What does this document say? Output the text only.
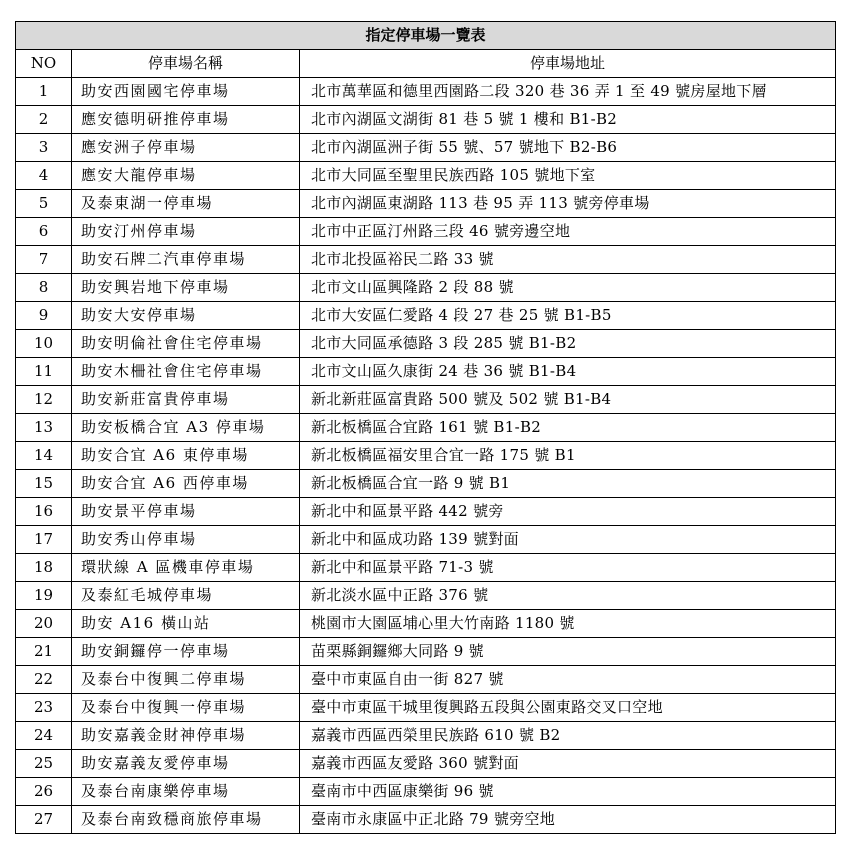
指定停車場一覽表		
NO	停車場名稱	停車場地址
1	助安西園國宅停車場	北市萬華區和德里西園路二段 320 巷 36 弄 1 至 49 號房屋地下層
2	應安德明研推停車場	北市內湖區文湖街 81 巷 5 號 1 樓和 B1-B2
3	應安洲子停車場	北市內湖區洲子街 55 號、57 號地下 B2-B6
4	應安大龍停車場	北市大同區至聖里民族西路 105 號地下室
5	及泰東湖一停車場	北市內湖區東湖路 113 巷 95 弄 113 號旁停車場
6	助安汀州停車場	北市中正區汀州路三段 46 號旁邊空地
7	助安石牌二汽車停車場	北市北投區裕民二路 33 號
8	助安興岩地下停車場	北市文山區興隆路 2 段 88 號
9	助安大安停車場	北市大安區仁愛路 4 段 27 巷 25 號 B1-B5
10	助安明倫社會住宅停車場	北市大同區承德路 3 段 285 號 B1-B2
11	助安木柵社會住宅停車場	北市文山區久康街 24 巷 36 號 B1-B4
12	助安新莊富貴停車場	新北新莊區富貴路 500 號及 502 號 B1-B4
13	助安板橋合宜 A3 停車場	新北板橋區合宜路 161 號 B1-B2
14	助安合宜 A6 東停車場	新北板橋區福安里合宜一路 175 號 B1
15	助安合宜 A6 西停車場	新北板橋區合宜一路 9 號 B1
16	助安景平停車場	新北中和區景平路 442 號旁
17	助安秀山停車場	新北中和區成功路 139 號對面
18	環狀線 A 區機車停車場	新北中和區景平路 71-3 號
19	及泰紅毛城停車場	新北淡水區中正路 376 號
20	助安 A16 橫山站	桃園市大園區埔心里大竹南路 1180 號
21	助安銅鑼停一停車場	苗栗縣銅鑼鄉大同路 9 號
22	及泰台中復興二停車場	臺中市東區自由一街 827 號
23	及泰台中復興一停車場	臺中市東區干城里復興路五段與公園東路交叉口空地
24	助安嘉義金財神停車場	嘉義市西區西榮里民族路 610 號 B2
25	助安嘉義友愛停車場	嘉義市西區友愛路 360 號對面
26	及泰台南康樂停車場	臺南市中西區康樂街 96 號
27	及泰台南致穩商旅停車場	臺南市永康區中正北路 79 號旁空地
